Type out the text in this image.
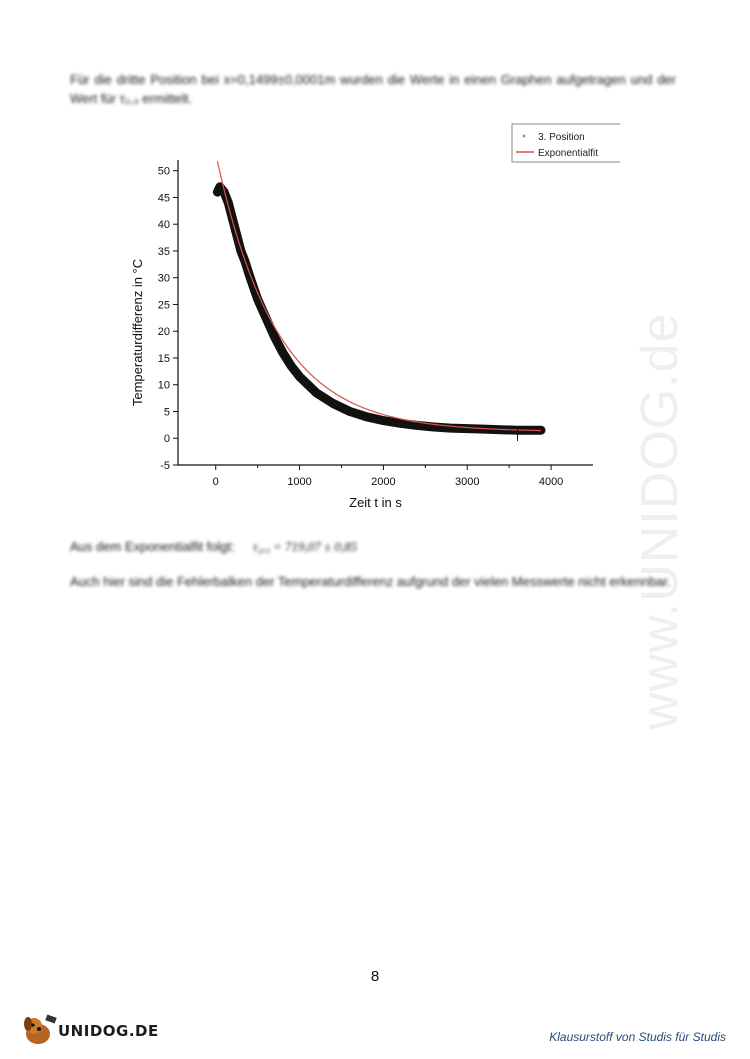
Für die dritte Position bei x=0,1499±0,0001m wurden die Werte in einen Graphen aufgetragen und der Wert für τ₂,₃ ermittelt.
0	1000	2000	3000	4000
-5
0
5
10
15
20
25
30
35
40
45
50
Zeit t in s
Temperaturdifferenz in °C
3. Position
Exponentialfit
Aus dem Exponentialfit folgt: τ₂,₃ = 719,07 ± 0,85
Auch hier sind die Fehlerbalken der Temperaturdifferenz aufgrund der vielen Messwerte nicht erkennbar.
www.UNIDOG.de
8
UNIDOG.DE	Klausurstoff von Studis für Studis
